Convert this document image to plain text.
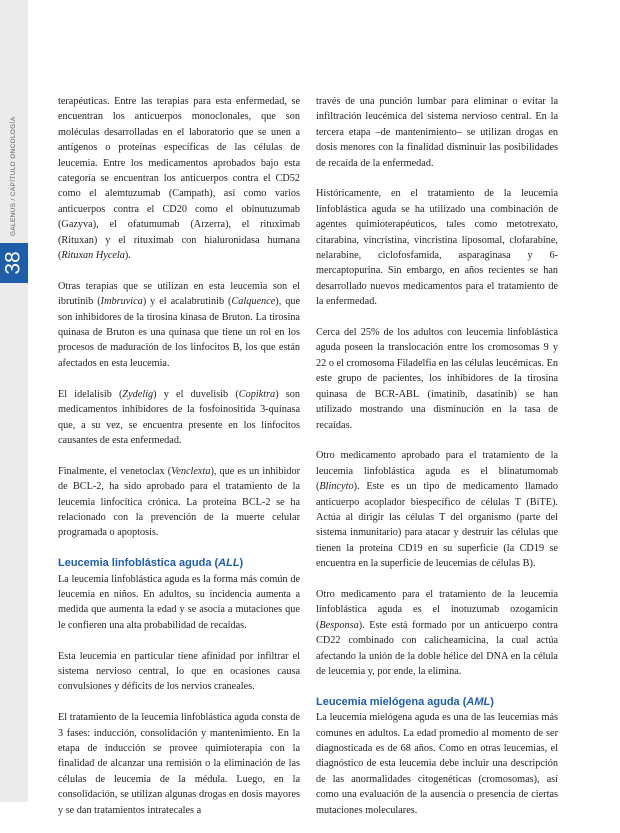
GALENUS / CAPÍTULO ONCOLOGÍA
38

terapéuticas. Entre las terapias para esta enfermedad, se encuentran los anticuerpos monoclonales, que son moléculas desarrolladas en el laboratorio que se unen a antígenos o proteínas específicas de las células de leucemia. Entre los medicamentos aprobados bajo esta categoría se encuentran los anticuerpos contra el CD52 como el alemtuzumab (Campath), así como varios anticuerpos contra el CD20 como el obinutuzumab (Gazyva), el ofatumumab (Arzerra), el rituximab (Rituxan) y el rituximab con hialuronidasa humana (Rituxan Hycela).

Otras terapias que se utilizan en esta leucemia son el ibrutinib (Imbruvica) y el acalabrutinib (Calquence), que son inhibidores de la tirosina kinasa de Bruton. La tirosina quinasa de Bruton es una quinasa que tiene un rol en los procesos de maduración de los linfocitos B, los que están afectados en esta leucemia.

El idelalisib (Zydelig) y el duvelisib (Copiktra) son medicamentos inhibidores de la fosfoinositida 3-quinasa que, a su vez, se encuentra presente en los linfocitos causantes de esta enfermedad.

Finalmente, el venetoclax (Venclexta), que es un inhibidor de BCL-2, ha sido aprobado para el tratamiento de la leucemia linfocítica crónica. La proteína BCL-2 se ha relacionado con la prevención de la muerte celular programada o apoptosis.

Leucemia linfoblástica aguda (ALL)

La leucemia linfoblástica aguda es la forma más común de leucemia en niños. En adultos, su incidencia aumenta a medida que aumenta la edad y se asocia a mutaciones que le confieren una alta probabilidad de recaídas.

Esta leucemia en particular tiene afinidad por infiltrar el sistema nervioso central, lo que en ocasiones causa convulsiones y déficits de los nervios craneales.

El tratamiento de la leucemia linfoblástica aguda consta de 3 fases: inducción, consolidación y mantenimiento. En la etapa de inducción se provee quimioterapia con la finalidad de alcanzar una remisión o la eliminación de las células de leucemia de la médula. Luego, en la consolidación, se utilizan algunas drogas en dosis mayores y se dan tratamientos intratecales a

través de una punción lumbar para eliminar o evitar la infiltración leucémica del sistema nervioso central. En la tercera etapa –de mantenimiento– se utilizan drogas en dosis menores con la finalidad disminuir las posibilidades de recaída de la enfermedad.

Históricamente, en el tratamiento de la leucemia linfoblástica aguda se ha utilizado una combinación de agentes quimioterapéuticos, tales como metotrexato, citarabina, vincristina, vincristina liposomal, clofarabine, nelarabine, ciclofosfamida, asparaginasa y 6-mercaptopurina. Sin embargo, en años recientes se han desarrollado nuevos medicamentos para el tratamiento de la enfermedad.

Cerca del 25% de los adultos con leucemia linfoblástica aguda poseen la translocación entre los cromosomas 9 y 22 o el cromosoma Filadelfia en las células leucémicas. En este grupo de pacientes, los inhibidores de la tirosina quinasa de BCR-ABL (imatinib, dasatinib) se han utilizado mostrando una disminución en la tasa de recaídas.

Otro medicamento aprobado para el tratamiento de la leucemia linfoblástica aguda es el blinatumomab (Blincyto). Este es un tipo de medicamento llamado anticuerpo acoplador biespecífico de células T (BiTE). Actúa al dirigir las células T del organismo (parte del sistema inmunitario) para atacar y destruir las células que tienen la proteína CD19 en su superficie (la CD19 se encuentra en la superficie de leucemias de células B).

Otro medicamento para el tratamiento de la leucemia linfoblástica aguda es el inotuzumab ozogamicin (Besponsa). Este está formado por un anticuerpo contra CD22 combinado con calicheamicina, la cual actúa afectando la unión de la doble hélice del DNA en la célula de leucemia y, por ende, la elimina.

Leucemia mielógena aguda (AML)

La leucemia mielógena aguda es una de las leucemias más comunes en adultos. La edad promedio al momento de ser diagnosticada es de 68 años. Como en otras leucemias, el diagnóstico de esta leucemia debe incluir una descripción de las anormalidades citogenéticas (cromosomas), así como una evaluación de la ausencia o presencia de ciertas mutaciones moleculares.
